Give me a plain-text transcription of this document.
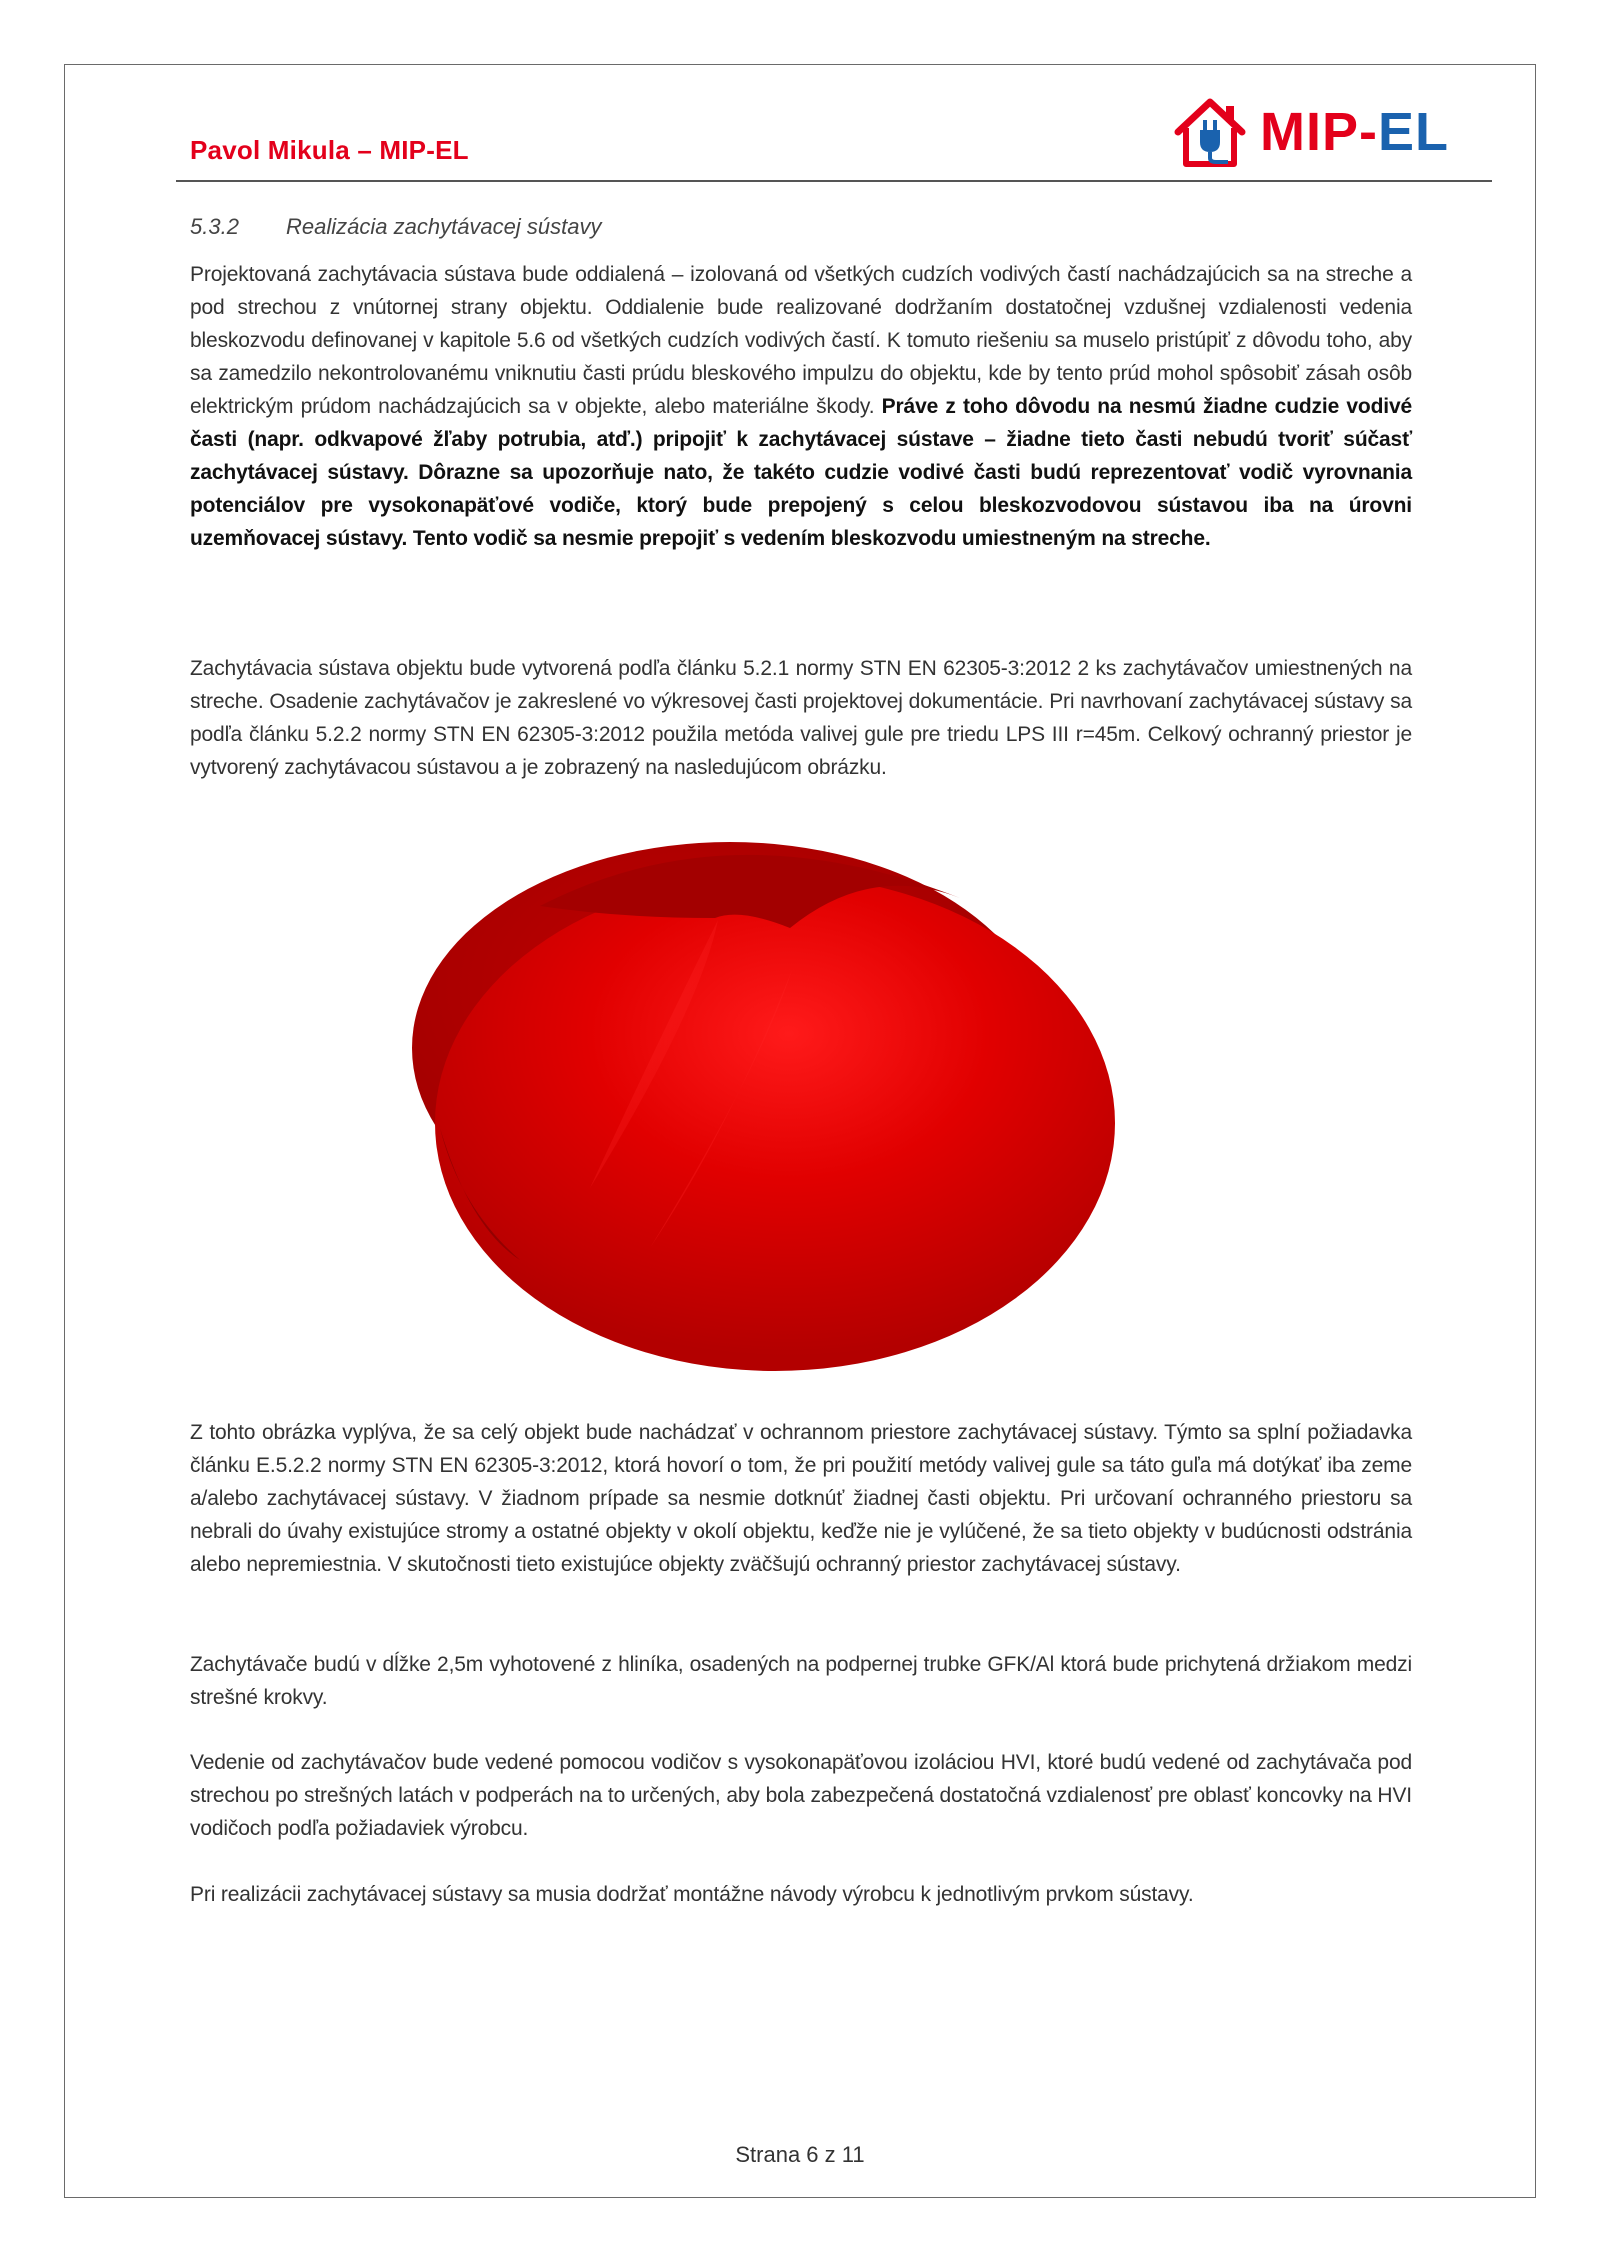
Pavol Mikula – MIP-EL	MIP-EL
5.3.2 Realizácia zachytávacej sústavy

Projektovaná zachytávacia sústava bude oddialená – izolovaná od všetkých cudzích vodivých častí nachádzajúcich sa na streche a pod strechou z vnútornej strany objektu. Oddialenie bude realizované dodržaním dostatočnej vzdušnej vzdialenosti vedenia bleskozvodu definovanej v kapitole 5.6 od všetkých cudzích vodivých častí. K tomuto riešeniu sa muselo pristúpiť z dôvodu toho, aby sa zamedzilo nekontrolovanému vniknutiu časti prúdu bleskového impulzu do objektu, kde by tento prúd mohol spôsobiť zásah osôb elektrickým prúdom nachádzajúcich sa v objekte, alebo materiálne škody. Práve z toho dôvodu na nesmú žiadne cudzie vodivé časti (napr. odkvapové žľaby potrubia, atď.) pripojiť k zachytávacej sústave – žiadne tieto časti nebudú tvoriť súčasť zachytávacej sústavy. Dôrazne sa upozorňuje nato, že takéto cudzie vodivé časti budú reprezentovať vodič vyrovnania potenciálov pre vysokonapäťové vodiče, ktorý bude prepojený s celou bleskozvodovou sústavou iba na úrovni uzemňovacej sústavy. Tento vodič sa nesmie prepojiť s vedením bleskozvodu umiestneným na streche.

Zachytávacia sústava objektu bude vytvorená podľa článku 5.2.1 normy STN EN 62305-3:2012 2 ks zachytávačov umiestnených na streche. Osadenie zachytávačov je zakreslené vo výkresovej časti projektovej dokumentácie. Pri navrhovaní zachytávacej sústavy sa podľa článku 5.2.2 normy STN EN 62305-3:2012 použila metóda valivej gule pre triedu LPS III r=45m. Celkový ochranný priestor je vytvorený zachytávacou sústavou a je zobrazený na nasledujúcom obrázku.

Z tohto obrázka vyplýva, že sa celý objekt bude nachádzať v ochrannom priestore zachytávacej sústavy. Týmto sa splní požiadavka článku E.5.2.2 normy STN EN 62305-3:2012, ktorá hovorí o tom, že pri použití metódy valivej gule sa táto guľa má dotýkať iba zeme a/alebo zachytávacej sústavy. V žiadnom prípade sa nesmie dotknúť žiadnej časti objektu. Pri určovaní ochranného priestoru sa nebrali do úvahy existujúce stromy a ostatné objekty v okolí objektu, keďže nie je vylúčené, že sa tieto objekty v budúcnosti odstránia alebo nepremiestnia. V skutočnosti tieto existujúce objekty zväčšujú ochranný priestor zachytávacej sústavy.

Zachytávače budú v dĺžke 2,5m vyhotovené z hliníka, osadených na podpernej trubke GFK/Al ktorá bude prichytená držiakom medzi strešné krokvy.

Vedenie od zachytávačov bude vedené pomocou vodičov s vysokonapäťovou izoláciou HVI, ktoré budú vedené od zachytávača pod strechou po strešných latách v podperách na to určených, aby bola zabezpečená dostatočná vzdialenosť pre oblasť koncovky na HVI vodičoch podľa požiadaviek výrobcu.

Pri realizácii zachytávacej sústavy sa musia dodržať montážne návody výrobcu k jednotlivým prvkom sústavy.

Strana 6 z 11
